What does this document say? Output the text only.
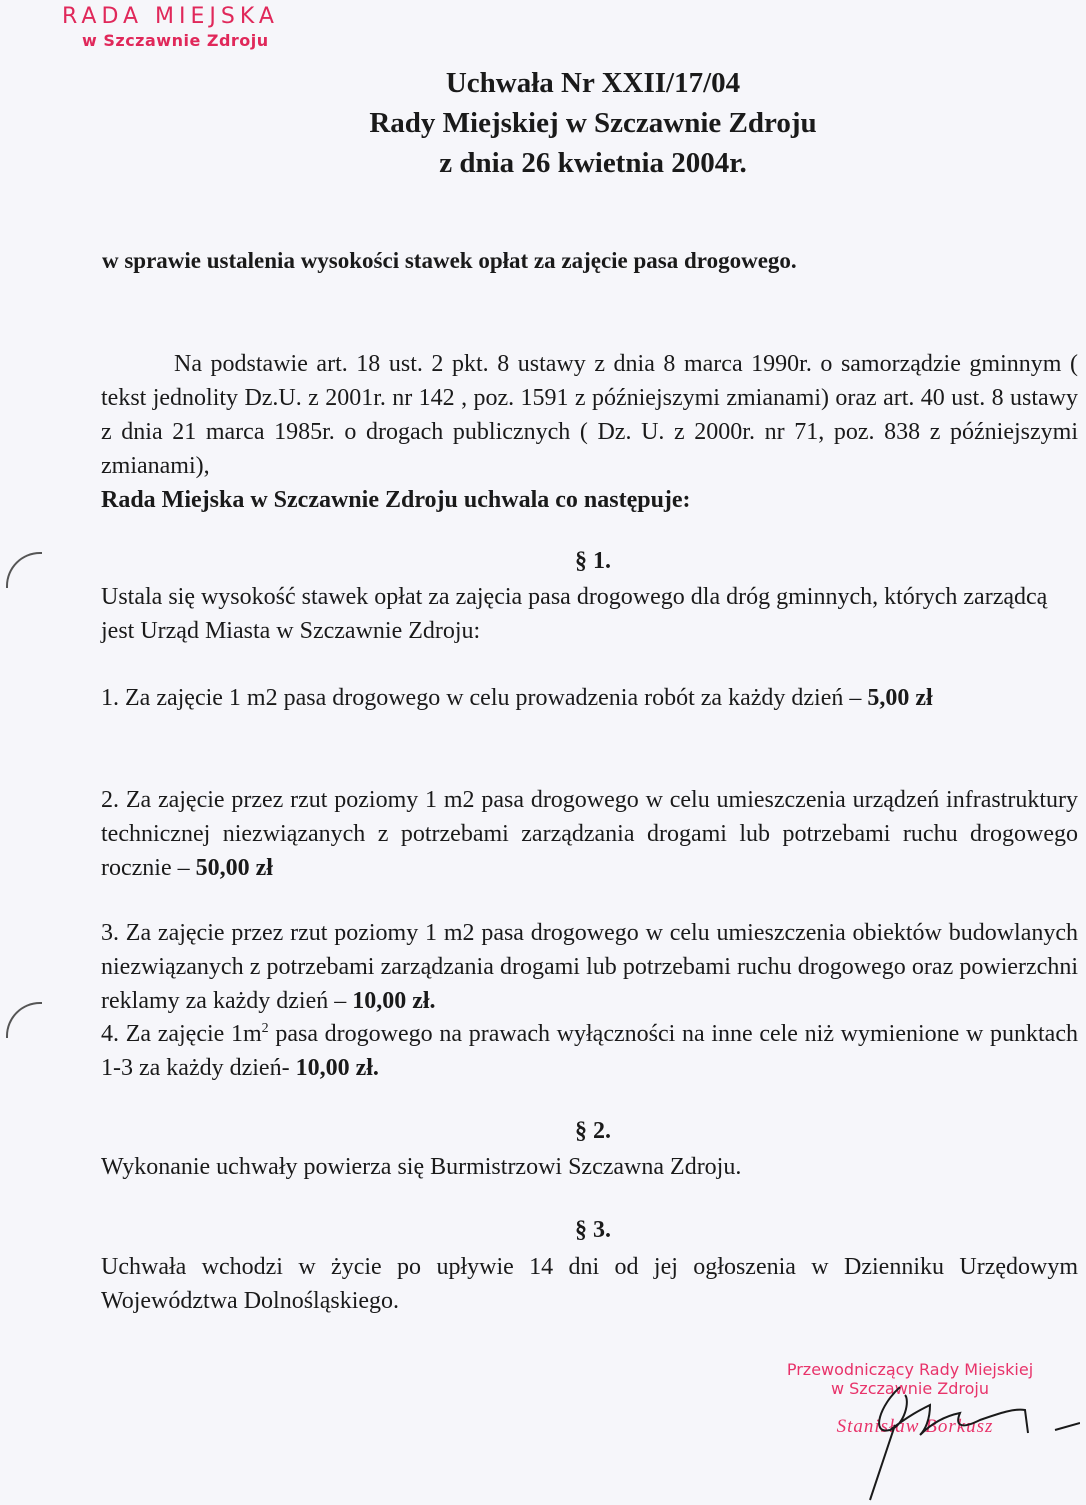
RADA MIEJSKA
w Szczawnie Zdroju
Uchwała Nr XXII/17/04
Rady Miejskiej w Szczawnie Zdroju
z dnia 26 kwietnia 2004r.
w sprawie ustalenia wysokości stawek opłat za zajęcie pasa drogowego.
Na podstawie art. 18 ust. 2 pkt. 8 ustawy z dnia 8 marca 1990r. o samorządzie gminnym ( tekst jednolity Dz.U. z 2001r. nr 142 , poz. 1591 z późniejszymi zmianami) oraz art. 40 ust. 8 ustawy z dnia 21 marca 1985r. o drogach publicznych ( Dz. U. z 2000r. nr 71, poz. 838 z późniejszymi zmianami),
Rada Miejska w Szczawnie Zdroju uchwala co następuje:
§ 1.
Ustala się wysokość stawek opłat za zajęcia pasa drogowego dla dróg gminnych, których zarządcą jest Urząd Miasta w Szczawnie Zdroju:
1. Za zajęcie 1 m2 pasa drogowego w celu prowadzenia robót za każdy dzień – 5,00 zł
2. Za zajęcie przez rzut poziomy 1 m2 pasa drogowego w celu umieszczenia urządzeń infrastruktury technicznej niezwiązanych z potrzebami zarządzania drogami lub potrzebami ruchu drogowego rocznie – 50,00 zł
3. Za zajęcie przez rzut poziomy 1 m2 pasa drogowego w celu umieszczenia obiektów budowlanych niezwiązanych z potrzebami zarządzania drogami lub potrzebami ruchu drogowego oraz powierzchni reklamy za każdy dzień – 10,00 zł.
4. Za zajęcie $1m^2$ pasa drogowego na prawach wyłączności na inne cele niż wymienione w punktach 1-3 za każdy dzień- 10,00 zł.
§ 2.
Wykonanie uchwały powierza się Burmistrzowi Szczawna Zdroju.
§ 3.
Uchwała wchodzi w życie po upływie 14 dni od jej ogłoszenia w Dzienniku Urzędowym Województwa Dolnośląskiego.
Przewodniczący Rady Miejskiej
w Szczawnie Zdroju
Stanisław Borkusz
